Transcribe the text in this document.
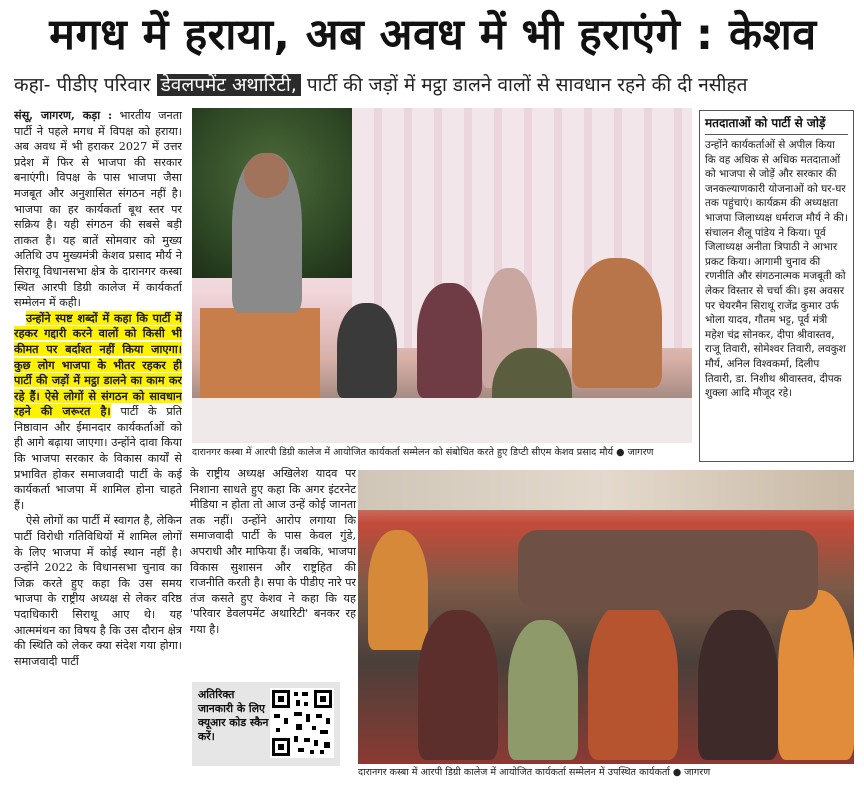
मगध में हराया, अब अवध में भी हराएंगे : केशव
कहा- पीडीए परिवार डेवलपमेंट अथारिटी, पार्टी की जड़ों में मट्ठा डालने वालों से सावधान रहने की दी नसीहत

संसू, जागरण, कड़ा : भारतीय जनता पार्टी ने पहले मगध में विपक्ष को हराया। अब अवध में भी हराकर 2027 में उत्तर प्रदेश में फिर से भाजपा की सरकार बनाएंगी। विपक्ष के पास भाजपा जैसा मजबूत और अनुशासित संगठन नहीं है। भाजपा का हर कार्यकर्ता बूथ स्तर पर सक्रिय है। यही संगठन की सबसे बड़ी ताकत है। यह बातें सोमवार को मुख्य अतिथि उप मुख्यमंत्री केशव प्रसाद मौर्य ने सिराथू विधानसभा क्षेत्र के दारानगर कस्बा स्थित आरपी डिग्री कालेज में कार्यकर्ता सम्मेलन में कही।

उन्होंने स्पष्ट शब्दों में कहा कि पार्टी में रहकर गद्दारी करने वालों को किसी भी कीमत पर बर्दाश्त नहीं किया जाएगा। कुछ लोग भाजपा के भीतर रहकर ही पार्टी की जड़ों में मट्ठा डालने का काम कर रहे हैं। ऐसे लोगों से संगठन को सावधान रहने की जरूरत है। पार्टी के प्रति निष्ठावान और ईमानदार कार्यकर्ताओं को ही आगे बढ़ाया जाएगा। उन्होंने दावा किया कि भाजपा सरकार के विकास कार्यों से प्रभावित होकर समाजवादी पार्टी के कई कार्यकर्ता भाजपा में शामिल होना चाहते हैं।

ऐसे लोगों का पार्टी में स्वागत है, लेकिन पार्टी विरोधी गतिविधियों में शामिल लोगों के लिए भाजपा में कोई स्थान नहीं है। उन्होंने 2022 के विधानसभा चुनाव का जिक्र करते हुए कहा कि उस समय भाजपा के राष्ट्रीय अध्यक्ष से लेकर वरिष्ठ पदाधिकारी सिराथू आए थे। यह आत्ममंथन का विषय है कि उस दौरान क्षेत्र की स्थिति को लेकर क्या संदेश गया होगा। समाजवादी पार्टी

दारानगर कस्बा में आरपी डिग्री कालेज में आयोजित कार्यकर्ता सम्मेलन को संबोधित करते हुए डिप्टी सीएम केशव प्रसाद मौर्य ● जागरण
मतदाताओं को पार्टी से जोड़ें
उन्होंने कार्यकर्ताओं से अपील किया कि वह अधिक से अधिक मतदाताओं को भाजपा से जोड़ें और सरकार की जनकल्याणकारी योजनाओं को घर-घर तक पहुंचाएं। कार्यक्रम की अध्यक्षता भाजपा जिलाध्यक्ष धर्मराज मौर्य ने की। संचालन शैलू पांडेय ने किया। पूर्व जिलाध्यक्ष अनीता त्रिपाठी ने आभार प्रकट किया। आगामी चुनाव की रणनीति और संगठनात्मक मजबूती को लेकर विस्तार से चर्चा की। इस अवसर पर चेयरमैन सिराथू राजेंद्र कुमार उर्फ भोला यादव, गौतम भट्ट, पूर्व मंत्री महेश चंद्र सोनकर, दीपा श्रीवास्तव, राजू तिवारी, सोमेश्वर तिवारी, लवकुश मौर्य, अनिल विश्वकर्मा, दिलीप तिवारी, डा. निशीथ श्रीवास्तव, दीपक शुक्ला आदि मौजूद रहे।

के राष्ट्रीय अध्यक्ष अखिलेश यादव पर निशाना साधते हुए कहा कि अगर इंटरनेट मीडिया न होता तो आज उन्हें कोई जानता तक नहीं। उन्होंने आरोप लगाया कि समाजवादी पार्टी के पास केवल गुंडे, अपराधी और माफिया हैं। जबकि, भाजपा विकास सुशासन और राष्ट्रहित की राजनीति करती है। सपा के पीडीए नारे पर तंज कसते हुए केशव ने कहा कि यह 'परिवार डेवलपमेंट अथारिटी' बनकर रह गया है।

अतिरिक्त जानकारी के लिए क्यूआर कोड स्कैन करें।
दारानगर कस्बा में आरपी डिग्री कालेज में आयोजित कार्यकर्ता सम्मेलन में उपस्थित कार्यकर्ता ● जागरण
